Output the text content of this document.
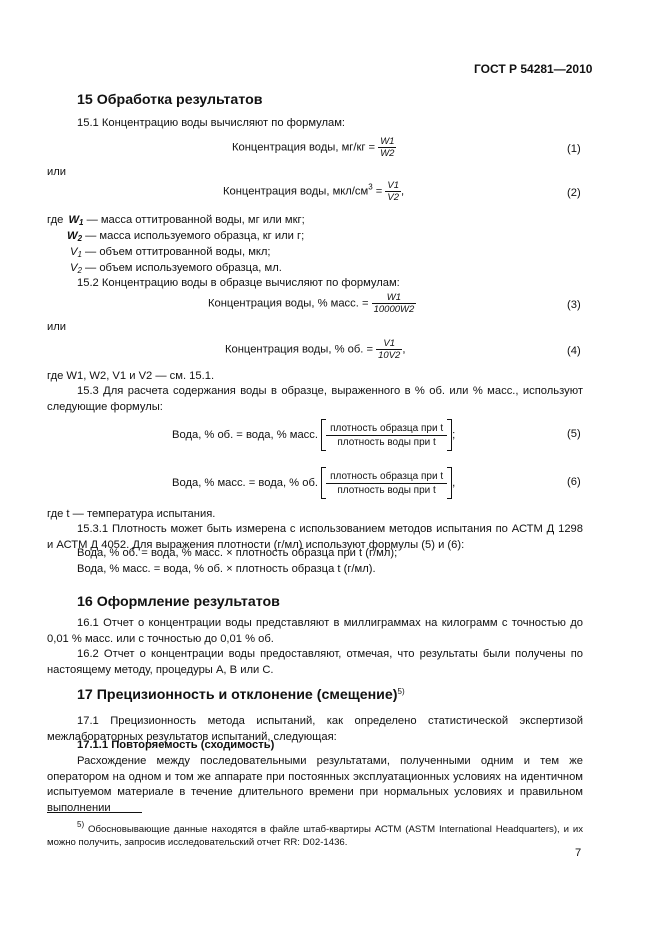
ГОСТ Р 54281—2010
15 Обработка результатов
15.1 Концентрацию воды вычисляют по формулам:
Концентрация воды, $мг/кг = \frac{W1}{W2}$	(1)
или
Концентрация воды, мкл/$см^3 = \frac{V1}{V2}$ ,	(2)
где $W_1$ — масса оттитрованной воды, мг или мкг;
$W_2$ — масса используемого образца, кг или г;
$V_1$ — объем оттитрованной воды, мкл;
$V_2$ — объем используемого образца, мл.
15.2 Концентрацию воды в образце вычисляют по формулам:
Концентрация воды, % масс. = $\frac{W1}{10000W2}$	(3)
или
Концентрация воды, % об. = $\frac{V1}{10V2}$ ,	(4)
где W1, W2, V1 и V2 — см. 15.1.
15.3 Для расчета содержания воды в образце, выраженного в % об. или % масс., используют следующие формулы:
Вода, % об. = вода, % масс. $\frac{\text{плотность образца при t}}{\text{плотность воды при t}}$ ;	(5)
Вода, % масс. = вода, % об. $\frac{\text{плотность образца при t}}{\text{плотность воды при t}}$ ,	(6)
где t — температура испытания.
15.3.1 Плотность может быть измерена с использованием методов испытания по АСТМ Д 1298 и АСТМ Д 4052. Для выражения плотности (г/мл) используют формулы (5) и (6):
Вода, % об. = вода, % масс. × плотность образца при t (г/мл);
Вода, % масс. = вода, % об. × плотность образца t (г/мл).
16 Оформление результатов
16.1 Отчет о концентрации воды представляют в миллиграммах на килограмм с точностью до 0,01 % масс. или с точностью до 0,01 % об.
16.2 Отчет о концентрации воды предоставляют, отмечая, что результаты были получены по настоящему методу, процедуры А, В или С.
17 Прецизионность и отклонение (смещение)$^{5)}$
17.1 Прецизионность метода испытаний, как определено статистической экспертизой межлабораторных результатов испытаний, следующая:
17.1.1 Повторяемость (сходимость)
Расхождение между последовательными результатами, полученными одним и тем же оператором на одном и том же аппарате при постоянных эксплуатационных условиях на идентичном испытуемом материале в течение длительного времени при нормальных условиях и правильном выполнении
$^{5)}$ Обосновывающие данные находятся в файле штаб-квартиры АСТМ (ASTM International Headquarters), и их можно получить, запросив исследовательский отчет RR: D02-1436.
7
